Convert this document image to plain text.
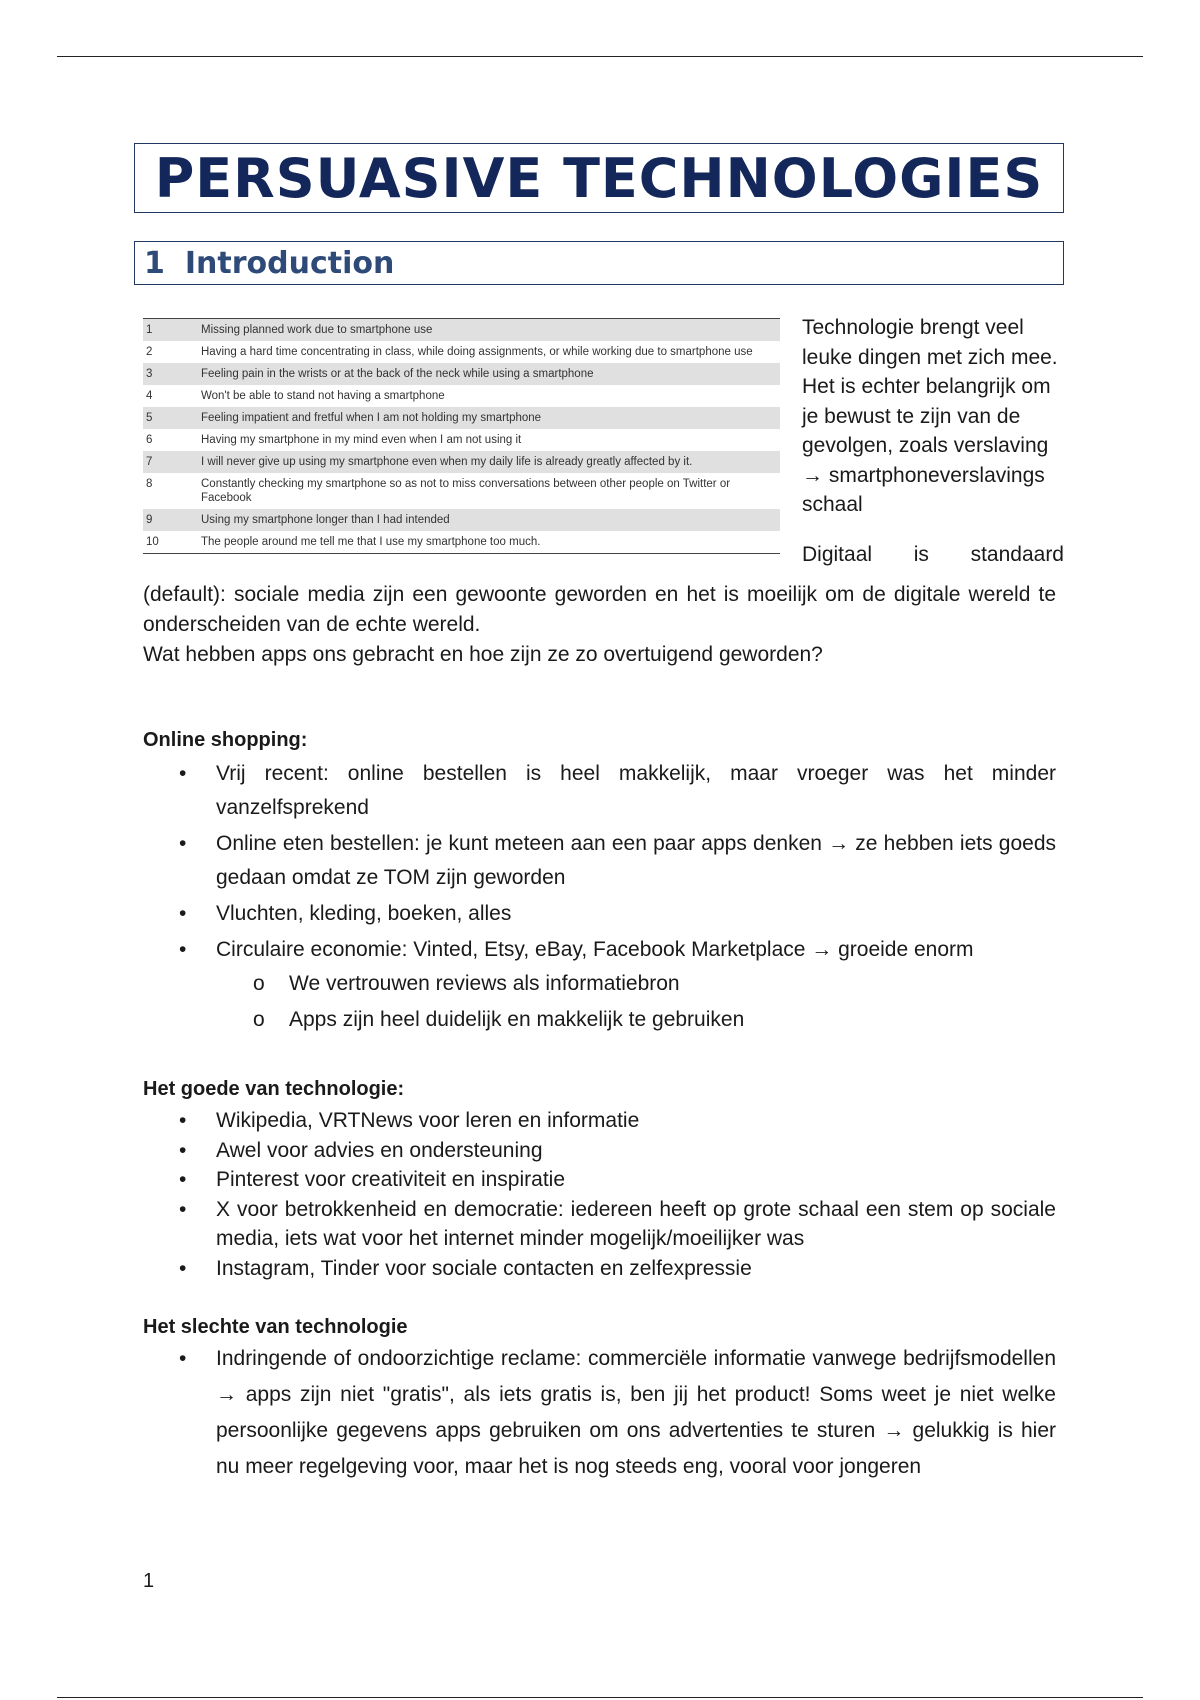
PERSUASIVE TECHNOLOGIES
1 Introduction
1	Missing planned work due to smartphone use
2	Having a hard time concentrating in class, while doing assignments, or while working due to smartphone use
3	Feeling pain in the wrists or at the back of the neck while using a smartphone
4	Won't be able to stand not having a smartphone
5	Feeling impatient and fretful when I am not holding my smartphone
6	Having my smartphone in my mind even when I am not using it
7	I will never give up using my smartphone even when my daily life is already greatly affected by it.
8	Constantly checking my smartphone so as not to miss conversations between other people on Twitter or Facebook
9	Using my smartphone longer than I had intended
10	The people around me tell me that I use my smartphone too much.
Technologie brengt veel leuke dingen met zich mee. Het is echter belangrijk om je bewust te zijn van de gevolgen, zoals verslaving → smartphoneverslavings schaal
Digitaal is standaard
(default): sociale media zijn een gewoonte geworden en het is moeilijk om de digitale wereld te onderscheiden van de echte wereld.
Wat hebben apps ons gebracht en hoe zijn ze zo overtuigend geworden?
Online shopping:
• Vrij recent: online bestellen is heel makkelijk, maar vroeger was het minder vanzelfsprekend
• Online eten bestellen: je kunt meteen aan een paar apps denken → ze hebben iets goeds gedaan omdat ze TOM zijn geworden
• Vluchten, kleding, boeken, alles
• Circulaire economie: Vinted, Etsy, eBay, Facebook Marketplace → groeide enorm
o We vertrouwen reviews als informatiebron
o Apps zijn heel duidelijk en makkelijk te gebruiken
Het goede van technologie:
• Wikipedia, VRTNews voor leren en informatie
• Awel voor advies en ondersteuning
• Pinterest voor creativiteit en inspiratie
• X voor betrokkenheid en democratie: iedereen heeft op grote schaal een stem op sociale media, iets wat voor het internet minder mogelijk/moeilijker was
• Instagram, Tinder voor sociale contacten en zelfexpressie
Het slechte van technologie
• Indringende of ondoorzichtige reclame: commerciële informatie vanwege bedrijfsmodellen → apps zijn niet "gratis", als iets gratis is, ben jij het product! Soms weet je niet welke persoonlijke gegevens apps gebruiken om ons advertenties te sturen → gelukkig is hier nu meer regelgeving voor, maar het is nog steeds eng, vooral voor jongeren
1
